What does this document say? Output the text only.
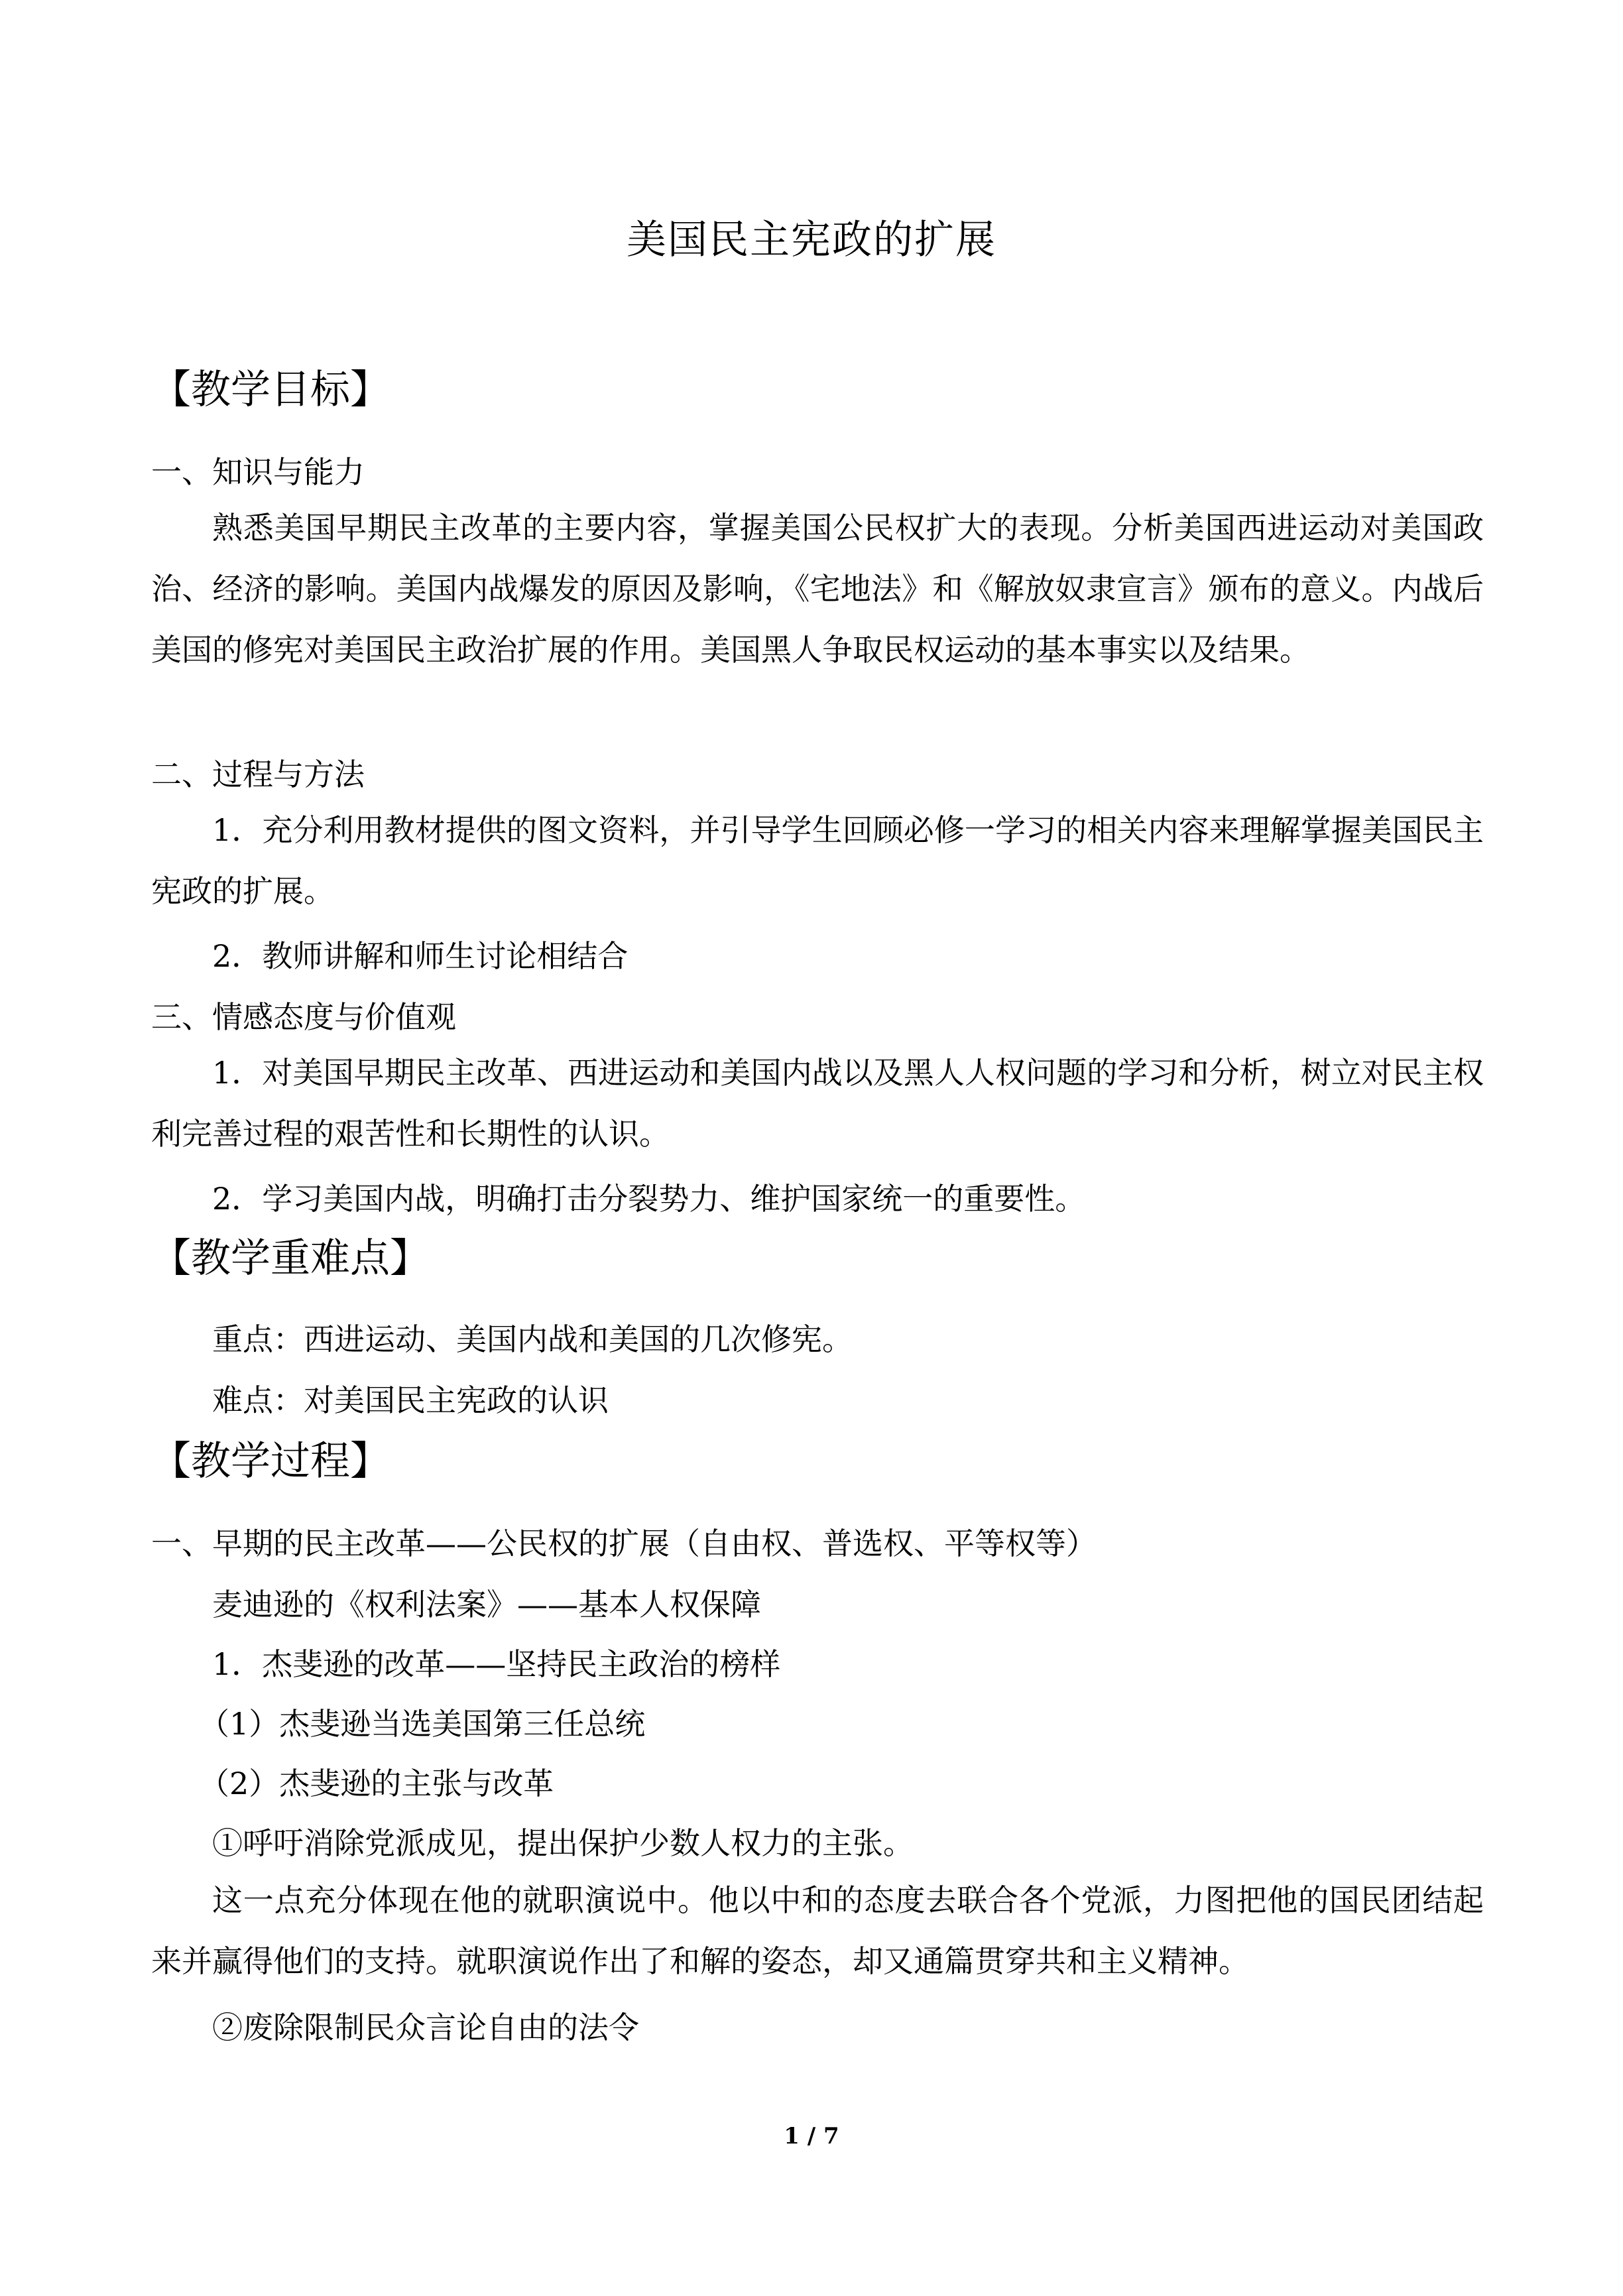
美国民主宪政的扩展
【教学目标】
一、知识与能力
熟悉美国早期民主改革的主要内容，掌握美国公民权扩大的表现。分析美国西进运动对美国政治、经济的影响。美国内战爆发的原因及影响，《宅地法》和《解放奴隶宣言》颁布的意义。内战后美国的修宪对美国民主政治扩展的作用。美国黑人争取民权运动的基本事实以及结果。
二、过程与方法
1．充分利用教材提供的图文资料，并引导学生回顾必修一学习的相关内容来理解掌握美国民主宪政的扩展。
2．教师讲解和师生讨论相结合
三、情感态度与价值观
1．对美国早期民主改革、西进运动和美国内战以及黑人人权问题的学习和分析，树立对民主权利完善过程的艰苦性和长期性的认识。
2．学习美国内战，明确打击分裂势力、维护国家统一的重要性。
【教学重难点】
重点：西进运动、美国内战和美国的几次修宪。
难点：对美国民主宪政的认识
【教学过程】
一、早期的民主改革——公民权的扩展（自由权、普选权、平等权等）
麦迪逊的《权利法案》——基本人权保障
1．杰斐逊的改革——坚持民主政治的榜样
（1）杰斐逊当选美国第三任总统
（2）杰斐逊的主张与改革
①呼吁消除党派成见，提出保护少数人权力的主张。
这一点充分体现在他的就职演说中。他以中和的态度去联合各个党派，力图把他的国民团结起来并赢得他们的支持。就职演说作出了和解的姿态，却又通篇贯穿共和主义精神。
②废除限制民众言论自由的法令
1 / 7
